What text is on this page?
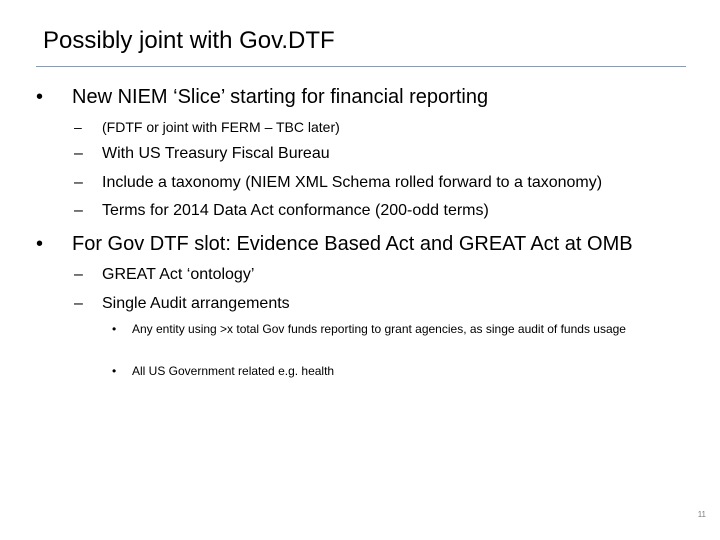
Possibly joint with Gov.DTF
•	New NIEM ‘Slice’ starting for financial reporting
–	(FDTF or joint with FERM – TBC later)
–	With US Treasury Fiscal Bureau
–	Include a taxonomy (NIEM XML Schema rolled forward to a taxonomy)
–	Terms for 2014 Data Act conformance (200-odd terms)
•	For Gov DTF slot: Evidence Based Act and GREAT Act at OMB
–	GREAT Act ‘ontology’
–	Single Audit arrangements
•	Any entity using >x total Gov funds reporting to grant agencies, as singe audit of funds usage
•	All US Government related e.g. health
11
